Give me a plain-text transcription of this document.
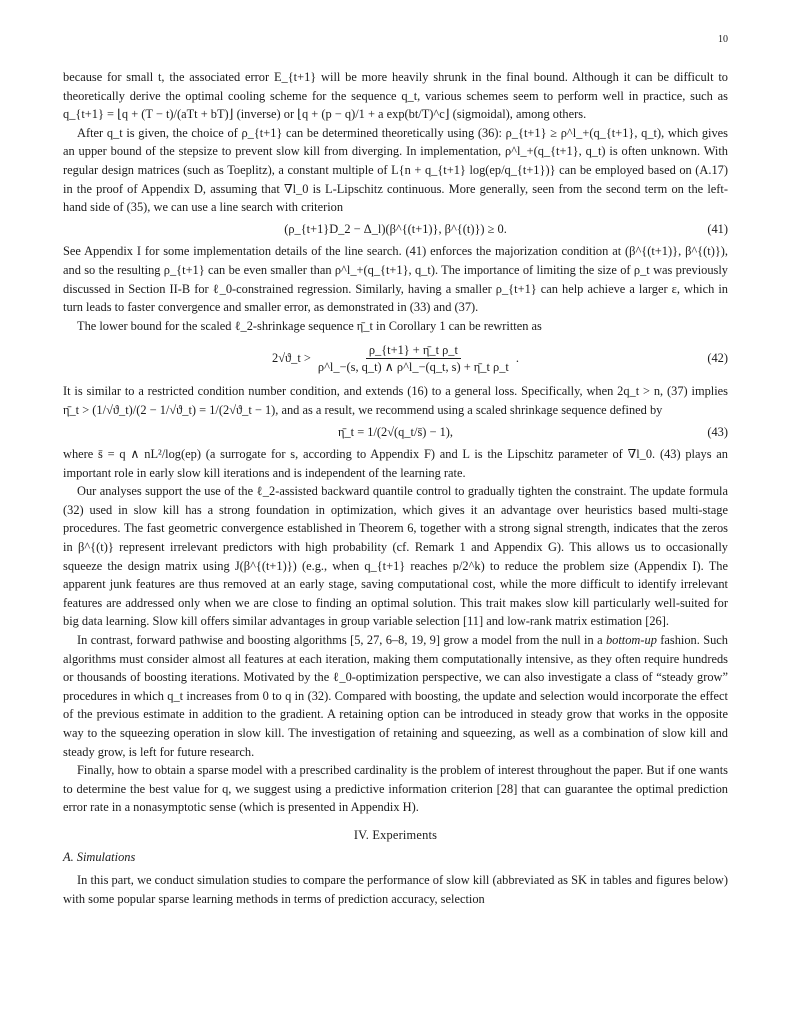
10

because for small t, the associated error E_{t+1} will be more heavily shrunk in the final bound. Although it can be difficult to theoretically derive the optimal cooling scheme for the sequence q_t, various schemes seem to perform well in practice, such as q_{t+1} = ⌊q + (T − t)/(aTt + bT)⌋ (inverse) or ⌊q + (p − q)/1 + a exp(bt/T)^c⌋ (sigmoidal), among others.

After q_t is given, the choice of ρ_{t+1} can be determined theoretically using (36): ρ_{t+1} ≥ ρ^l_+(q_{t+1}, q_t), which gives an upper bound of the stepsize to prevent slow kill from diverging. In implementation, ρ^l_+(q_{t+1}, q_t) is often unknown. With regular design matrices (such as Toeplitz), a constant multiple of L{n + q_{t+1} log(ep/q_{t+1})} can be employed based on (A.17) in the proof of Appendix D, assuming that ∇l_0 is L-Lipschitz continuous. More generally, seen from the second term on the left-hand side of (35), we can use a line search with criterion

(ρ_{t+1}D_2 − Δ_l)(β^{(t+1)}, β^{(t)}) ≥ 0.	(41)

See Appendix I for some implementation details of the line search. (41) enforces the majorization condition at (β^{(t+1)}, β^{(t)}), and so the resulting ρ_{t+1} can be even smaller than ρ^l_+(q_{t+1}, q_t). The importance of limiting the size of ρ_t was previously discussed in Section II-B for ℓ_0-constrained regression. Similarly, having a smaller ρ_{t+1} can help achieve a larger ε, which in turn leads to faster convergence and smaller error, as demonstrated in (33) and (37).

The lower bound for the scaled ℓ_2-shrinkage sequence η̄_t in Corollary 1 can be rewritten as

2√ϑ_t > $\frac{\text{ρ\_\{t+1\} + η̄\_t ρ\_t}}{\text{ρ\textasciicircum{}l\_−(s, q\_t) ∧ ρ\textasciicircum{}l\_−(q\_t, s) + η̄\_t ρ\_t}}$ .	(42)

It is similar to a restricted condition number condition, and extends (16) to a general loss. Specifically, when 2q_t > n, (37) implies η̄_t > (1/√ϑ_t)/(2 − 1/√ϑ_t) = 1/(2√ϑ_t − 1), and as a result, we recommend using a scaled shrinkage sequence defined by

η̄_t = 1/(2√(q_t/s̄) − 1),	(43)

where s̄ = q ∧ nL²/log(ep) (a surrogate for s, according to Appendix F) and L is the Lipschitz parameter of ∇l_0. (43) plays an important role in early slow kill iterations and is independent of the learning rate.

Our analyses support the use of the ℓ_2-assisted backward quantile control to gradually tighten the constraint. The update formula (32) used in slow kill has a strong foundation in optimization, which gives it an advantage over heuristics based multi-stage procedures. The fast geometric convergence established in Theorem 6, together with a strong signal strength, indicates that the zeros in β^{(t)} represent irrelevant predictors with high probability (cf. Remark 1 and Appendix G). This allows us to occasionally squeeze the design matrix using J(β^{(t+1)}) (e.g., when q_{t+1} reaches p/2^k) to reduce the problem size (Appendix I). The apparent junk features are thus removed at an early stage, saving computational cost, while the more difficult to identify irrelevant features are addressed only when we are close to finding an optimal solution. This trait makes slow kill particularly well-suited for big data learning. Slow kill offers similar advantages in group variable selection [11] and low-rank matrix estimation [26].

In contrast, forward pathwise and boosting algorithms [5, 27, 6–8, 19, 9] grow a model from the null in a bottom-up fashion. Such algorithms must consider almost all features at each iteration, making them computationally intensive, as they often require hundreds or thousands of boosting iterations. Motivated by the ℓ_0-optimization perspective, we can also investigate a class of “steady grow” procedures in which q_t increases from 0 to q in (32). Compared with boosting, the update and selection would incorporate the effect of the previous estimate in addition to the gradient. A retaining option can be introduced in steady grow that works in the opposite way to the squeezing operation in slow kill. The investigation of retaining and squeezing, as well as a combination of slow kill and steady grow, is left for future research.

Finally, how to obtain a sparse model with a prescribed cardinality is the problem of interest throughout the paper. But if one wants to determine the best value for q, we suggest using a predictive information criterion [28] that can guarantee the optimal prediction error rate in a nonasymptotic sense (which is presented in Appendix H).

IV. Experiments
A. Simulations

In this part, we conduct simulation studies to compare the performance of slow kill (abbreviated as SK in tables and figures below) with some popular sparse learning methods in terms of prediction accuracy, selection
